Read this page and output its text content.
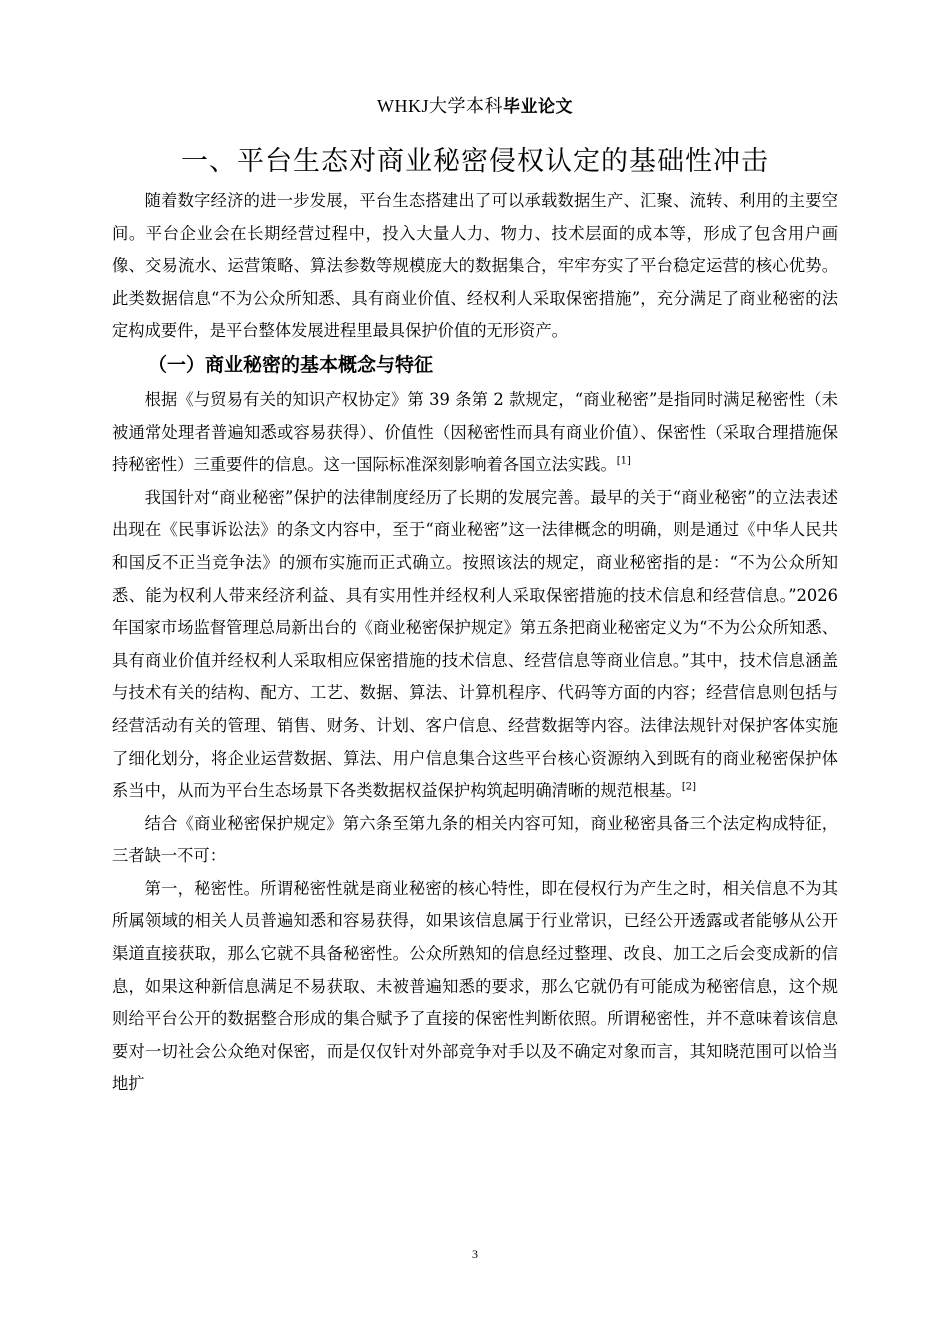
WHKJ大学本科毕业论文
一、平台生态对商业秘密侵权认定的基础性冲击

随着数字经济的进一步发展，平台生态搭建出了可以承载数据生产、汇聚、流转、利用的主要空间。平台企业会在长期经营过程中，投入大量人力、物力、技术层面的成本等，形成了包含用户画像、交易流水、运营策略、算法参数等规模庞大的数据集合，牢牢夯实了平台稳定运营的核心优势。此类数据信息“不为公众所知悉、具有商业价值、经权利人采取保密措施”，充分满足了商业秘密的法定构成要件，是平台整体发展进程里最具保护价值的无形资产。

（一）商业秘密的基本概念与特征

根据《与贸易有关的知识产权协定》第 39 条第 2 款规定，“商业秘密”是指同时满足秘密性（未被通常处理者普遍知悉或容易获得）、价值性（因秘密性而具有商业价值）、保密性（采取合理措施保持秘密性）三重要件的信息。这一国际标准深刻影响着各国立法实践。[1]

我国针对“商业秘密”保护的法律制度经历了长期的发展完善。最早的关于“商业秘密”的立法表述出现在《民事诉讼法》的条文内容中，至于“商业秘密”这一法律概念的明确，则是通过《中华人民共和国反不正当竞争法》的颁布实施而正式确立。按照该法的规定，商业秘密指的是：“不为公众所知悉、能为权利人带来经济利益、具有实用性并经权利人采取保密措施的技术信息和经营信息。”2026 年国家市场监督管理总局新出台的《商业秘密保护规定》第五条把商业秘密定义为“不为公众所知悉、具有商业价值并经权利人采取相应保密措施的技术信息、经营信息等商业信息。”其中，技术信息涵盖与技术有关的结构、配方、工艺、数据、算法、计算机程序、代码等方面的内容；经营信息则包括与经营活动有关的管理、销售、财务、计划、客户信息、经营数据等内容。法律法规针对保护客体实施了细化划分，将企业运营数据、算法、用户信息集合这些平台核心资源纳入到既有的商业秘密保护体系当中，从而为平台生态场景下各类数据权益保护构筑起明确清晰的规范根基。[2]

结合《商业秘密保护规定》第六条至第九条的相关内容可知，商业秘密具备三个法定构成特征，三者缺一不可：

第一，秘密性。所谓秘密性就是商业秘密的核心特性，即在侵权行为产生之时，相关信息不为其所属领域的相关人员普遍知悉和容易获得，如果该信息属于行业常识，已经公开透露或者能够从公开渠道直接获取，那么它就不具备秘密性。公众所熟知的信息经过整理、改良、加工之后会变成新的信息，如果这种新信息满足不易获取、未被普遍知悉的要求，那么它就仍有可能成为秘密信息，这个规则给平台公开的数据整合形成的集合赋予了直接的保密性判断依照。所谓秘密性，并不意味着该信息要对一切社会公众绝对保密，而是仅仅针对外部竞争对手以及不确定对象而言，其知晓范围可以恰当地扩

3
